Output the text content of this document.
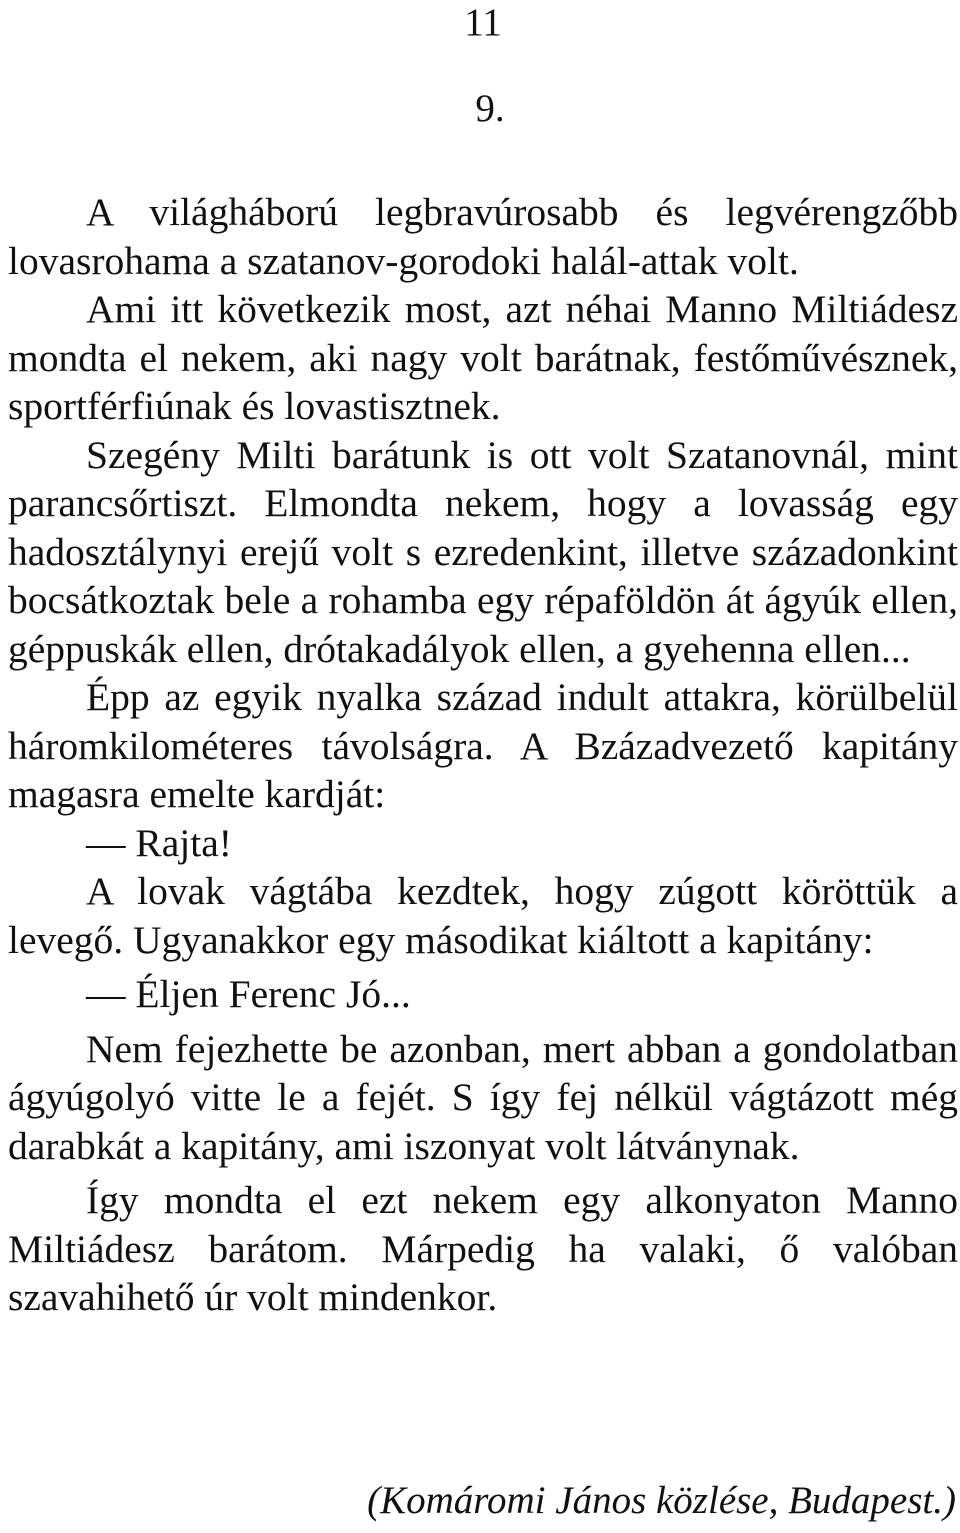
11
9.

A világháború legbravúrosabb és legvérengzőbb lovasrohama a szatanov-gorodoki halál-attak volt.

Ami itt következik most, azt néhai Manno Miltiádesz mondta el nekem, aki nagy volt barátnak, festőművésznek, sportférfiúnak és lovastisztnek.

Szegény Milti barátunk is ott volt Szatanovnál, mint parancsőrtiszt. Elmondta nekem, hogy a lovasság egy hadosztálynyi erejű volt s ezredenkint, illetve századonkint bocsátkoztak bele a rohamba egy répaföldön át ágyúk ellen, géppuskák ellen, drótakadályok ellen, a gyehenna ellen...

Épp az egyik nyalka század indult attakra, körülbelül háromkilométeres távolságra. A Bzázadvezető kapitány magasra emelte kardját:

— Rajta!

A lovak vágtába kezdtek, hogy zúgott köröttük a levegő. Ugyanakkor egy másodikat kiáltott a kapitány:

— Éljen Ferenc Jó...

Nem fejezhette be azonban, mert abban a gondolatban ágyúgolyó vitte le a fejét. S így fej nélkül vágtázott még darabkát a kapitány, ami iszonyat volt látványnak.

Így mondta el ezt nekem egy alkonyaton Manno Miltiádesz barátom. Márpedig ha valaki, ő valóban szavahihető úr volt mindenkor.

(Komáromi János közlése, Budapest.)
